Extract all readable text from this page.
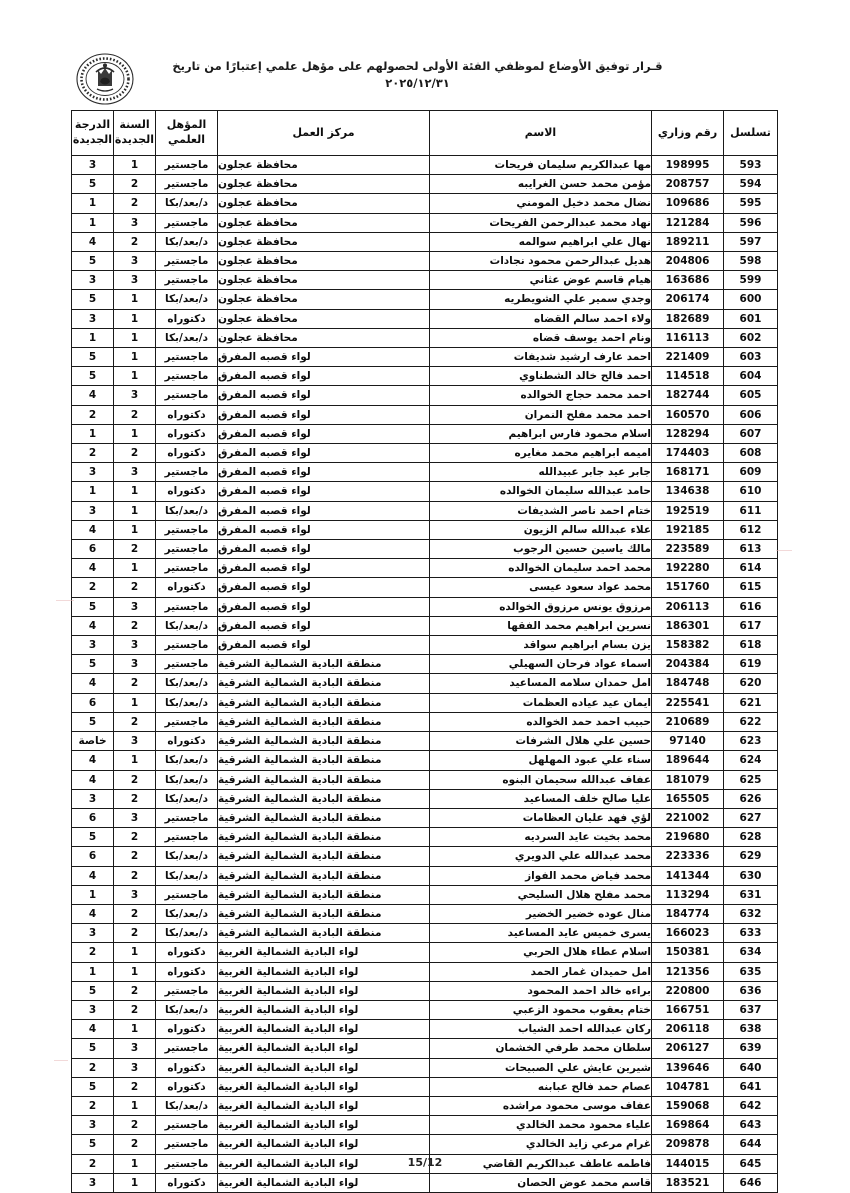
قـرار توفيق الأوضاع لموظفي الفئة الأولى لحصولهم على مؤهل علمي إعتبارًا من تاريخ ٢٠٢٥/١٢/٣١
تسلسل	رقم وزاري	الاسم	مركز العمل	المؤهل العلمي	السنة الجديدة	الدرجة الجديدة
593	198995	مها عبدالكريم سليمان فريحات	محافظة عجلون	ماجستير	1	3
594	208757	مؤمن محمد حسن الغرايبه	محافظة عجلون	ماجستير	2	5
595	109686	نضال محمد دخيل المومني	محافظة عجلون	د/بعد/بكا	2	1
596	121284	نهاد محمد عبدالرحمن الفريحات	محافظة عجلون	ماجستير	3	1
597	189211	نهال علي ابراهيم سوالمه	محافظة عجلون	د/بعد/بكا	2	4
598	204806	هديل عبدالرحمن محمود نجادات	محافظة عجلون	ماجستير	3	5
599	163686	هيام قاسم عوض عثاني	محافظة عجلون	ماجستير	3	3
600	206174	وجدي سمير علي الشويطريه	محافظة عجلون	د/بعد/بكا	1	5
601	182689	ولاء احمد سالم القضاه	محافظة عجلون	دكتوراه	1	3
602	116113	ونام احمد يوسف قضاه	محافظة عجلون	د/بعد/بكا	1	1
603	221409	احمد عارف ارشيد شديفات	لواء قصبه المفرق	ماجستير	1	5
604	114518	احمد فالح خالد الشطناوي	لواء قصبه المفرق	ماجستير	1	5
605	182744	احمد محمد حجاج الخوالده	لواء قصبه المفرق	ماجستير	3	4
606	160570	احمد محمد مفلح النمران	لواء قصبه المفرق	دكتوراه	2	2
607	128294	اسلام محمود فارس ابراهيم	لواء قصبه المفرق	دكتوراه	1	1
608	174403	اميمه ابراهيم محمد مغايره	لواء قصبه المفرق	دكتوراه	2	2
609	168171	جابر عيد جابر عبيدالله	لواء قصبه المفرق	ماجستير	3	3
610	134638	حامد عبدالله سليمان الخوالده	لواء قصبه المفرق	دكتوراه	1	1
611	192519	ختام احمد ناصر الشديفات	لواء قصبه المفرق	د/بعد/بكا	1	3
612	192185	علاء عبدالله سالم الزيون	لواء قصبه المفرق	ماجستير	1	4
613	223589	مالك ياسين حسين الرجوب	لواء قصبه المفرق	ماجستير	2	6
614	192280	محمد احمد سليمان الخوالده	لواء قصبه المفرق	ماجستير	1	4
615	151760	محمد عواد سعود عيسى	لواء قصبه المفرق	دكتوراه	2	2
616	206113	مرزوق يونس مرزوق الخوالده	لواء قصبه المفرق	ماجستير	3	5
617	186301	نسرين ابراهيم محمد الفقها	لواء قصبه المفرق	د/بعد/بكا	2	4
618	158382	يزن بسام ابراهيم سواقد	لواء قصبه المفرق	ماجستير	3	3
619	204384	اسماء عواد فرحان السهيلي	منطقة البادية الشمالية الشرقية	ماجستير	3	5
620	184748	امل حمدان سلامه المساعيد	منطقة البادية الشمالية الشرقية	د/بعد/بكا	2	4
621	225541	ايمان عيد عياده العظمات	منطقة البادية الشمالية الشرقية	د/بعد/بكا	1	6
622	210689	حبيب احمد حمد الخوالده	منطقة البادية الشمالية الشرقية	ماجستير	2	5
623	97140	حسين علي هلال الشرفات	منطقة البادية الشمالية الشرقية	دكتوراه	3	خاصة
624	189644	سناء علي عبود المهلهل	منطقة البادية الشمالية الشرقية	د/بعد/بكا	1	4
625	181079	عفاف عبدالله سحيمان البنوه	منطقة البادية الشمالية الشرقية	د/بعد/بكا	2	4
626	165505	عليا صالح خلف المساعيد	منطقة البادية الشمالية الشرقية	د/بعد/بكا	2	3
627	221002	لؤي فهد عليان العظامات	منطقة البادية الشمالية الشرقية	ماجستير	3	6
628	219680	محمد بخيت عايد السرديه	منطقة البادية الشمالية الشرقية	ماجستير	2	5
629	223336	محمد عبدالله علي الدويري	منطقة البادية الشمالية الشرقية	د/بعد/بكا	2	6
630	141344	محمد فياض محمد الفواز	منطقة البادية الشمالية الشرقية	د/بعد/بكا	2	4
631	113294	محمد مفلح هلال السليحي	منطقة البادية الشمالية الشرقية	ماجستير	3	1
632	184774	منال عوده خضير الخضير	منطقة البادية الشمالية الشرقية	د/بعد/بكا	2	4
633	166023	يسرى خميس عايد المساعيد	منطقة البادية الشمالية الشرقية	د/بعد/بكا	2	3
634	150381	اسلام عطاء هلال الحربي	لواء البادية الشمالية الغربية	دكتوراه	1	2
635	121356	امل حميدان غمار الحمد	لواء البادية الشمالية الغربية	دكتوراه	1	1
636	220800	براءه خالد احمد المحمود	لواء البادية الشمالية الغربية	ماجستير	2	5
637	166751	ختام يعقوب محمود الزعبي	لواء البادية الشمالية الغربية	د/بعد/بكا	2	3
638	206118	ركان عبدالله احمد الشياب	لواء البادية الشمالية الغربية	دكتوراه	1	4
639	206127	سلطان محمد طرفي الخشمان	لواء البادية الشمالية الغربية	ماجستير	3	5
640	139646	شيرين عايش علي الصبيحات	لواء البادية الشمالية الغربية	دكتوراه	3	2
641	104781	عصام حمد فالح عبابنه	لواء البادية الشمالية الغربية	دكتوراه	2	5
642	159068	عفاف موسى محمود مراشده	لواء البادية الشمالية الغربية	د/بعد/بكا	1	2
643	169864	علياء محمود محمد الخالدي	لواء البادية الشمالية الغربية	ماجستير	2	3
644	209878	غرام مرعي زايد الخالدي	لواء البادية الشمالية الغربية	ماجستير	2	5
645	144015	فاطمه عاطف عبدالكريم القاضي	لواء البادية الشمالية الغربية	ماجستير	1	2
646	183521	قاسم محمد عوض الحصان	لواء البادية الشمالية الغربية	دكتوراه	1	3
15/12
